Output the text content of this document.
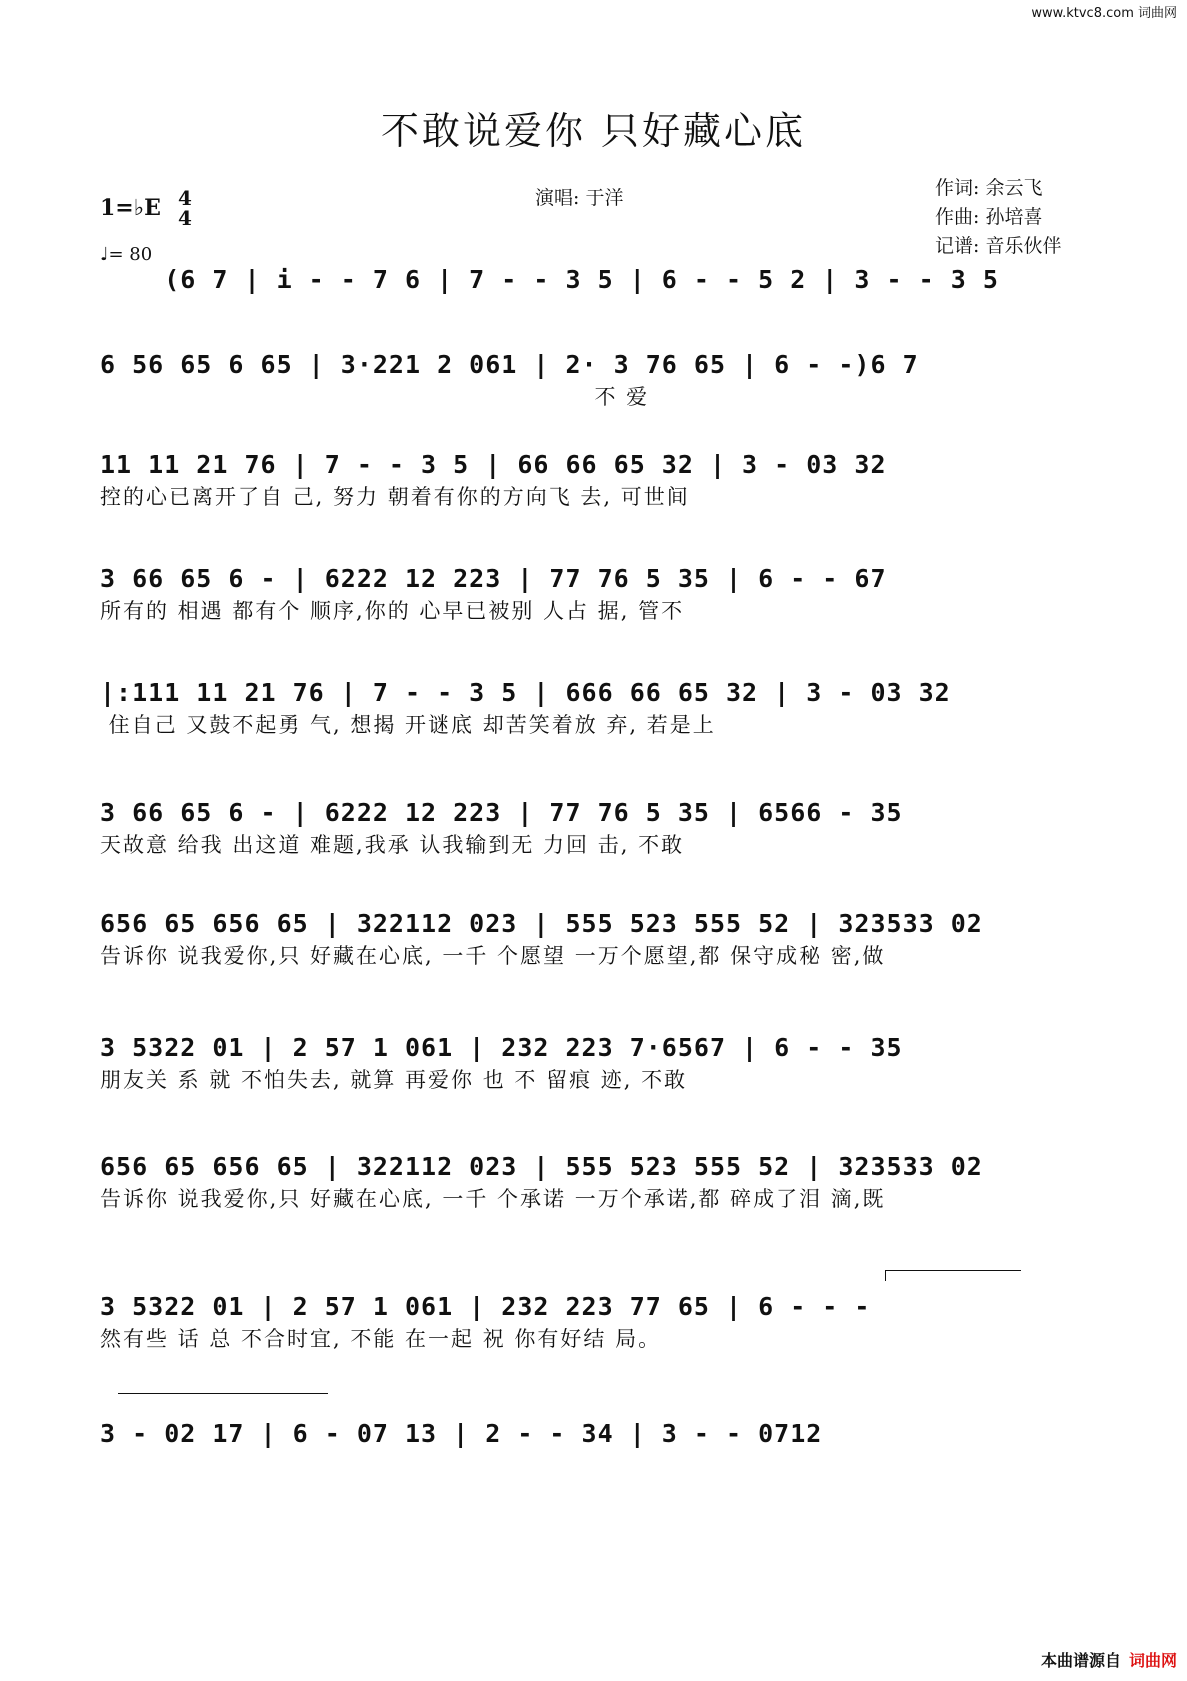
www.ktvc8.com 词曲网
不敢说爱你 只好藏心底
1=♭E 4
4
♩= 80
演唱: 于洋	作词: 余云飞
作曲: 孙培喜
记谱: 音乐伙伴
(6 7 | i - - 7 6 | 7 - - 3 5 | 6 - - 5 2 | 3 - - 3 5
6 56 65 6 65 | 3·221 2 061 | 2· 3 76 65 | 6 - -)6 7
不 爱
11 11 21 76 | 7 - - 3 5 | 66 66 65 32 | 3 - 03 32
控的心已离开了自 己, 努力 朝着有你的方向飞 去, 可世间
3 66 65 6 - | 6222 12 223 | 77 76 5 35 | 6 - - 67
所有的 相遇 都有个 顺序,你的 心早已被别 人占 据, 管不
|:111 11 21 76 | 7 - - 3 5 | 666 66 65 32 | 3 - 03 32
住自己 又鼓不起勇 气, 想揭 开谜底 却苦笑着放 弃, 若是上
3 66 65 6 - | 6222 12 223 | 77 76 5 35 | 6566 - 35
天故意 给我 出这道 难题,我承 认我输到无 力回 击, 不敢
656 65 656 65 | 322112 023 | 555 523 555 52 | 323533 02
告诉你 说我爱你,只 好藏在心底, 一千 个愿望 一万个愿望,都 保守成秘 密,做
3 5322 01 | 2 57 1 061 | 232 223 7·6567 | 6 - - 35
朋友关 系 就 不怕失去, 就算 再爱你 也 不 留痕 迹, 不敢
656 65 656 65 | 322112 023 | 555 523 555 52 | 323533 02
告诉你 说我爱你,只 好藏在心底, 一千 个承诺 一万个承诺,都 碎成了泪 滴,既
3 5322 01 | 2 57 1 061 | 232 223 77 65 | 6 - - -
然有些 话 总 不合时宜, 不能 在一起 祝 你有好结 局。
3 - 02 17 | 6 - 07 13 | 2 - - 34 | 3 - - 0712
本曲谱源自 词曲网
